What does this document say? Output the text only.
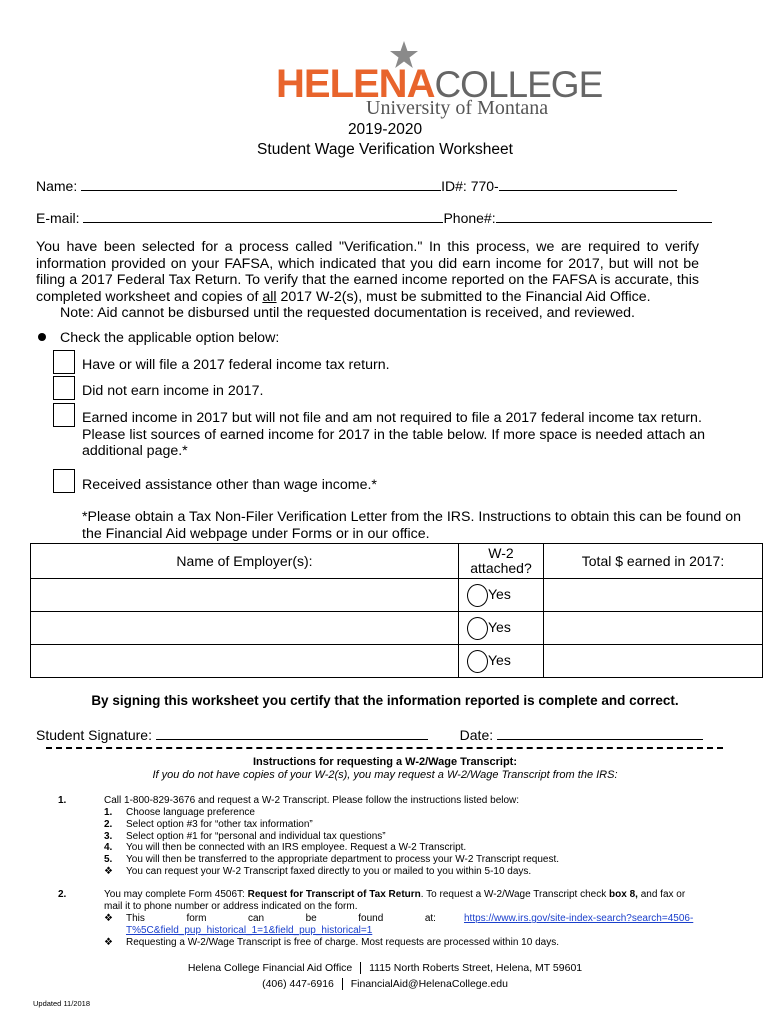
HELENACOLLEGE
University of Montana
2019-2020
Student Wage Verification Worksheet
Name:	ID#: 770-
E-mail:	Phone#:
You have been selected for a process called "Verification." In this process, we are required to verify information provided on your FAFSA, which indicated that you did earn income for 2017, but will not be filing a 2017 Federal Tax Return. To verify that the earned income reported on the FAFSA is accurate, this completed worksheet and copies of all 2017 W-2(s), must be submitted to the Financial Aid Office.
Note: Aid cannot be disbursed until the requested documentation is received, and reviewed.
Check the applicable option below:
Have or will file a 2017 federal income tax return.
Did not earn income in 2017.
Earned income in 2017 but will not file and am not required to file a 2017 federal income tax return. Please list sources of earned income for 2017 in the table below. If more space is needed attach an additional page.*
Received assistance other than wage income.*
*Please obtain a Tax Non-Filer Verification Letter from the IRS. Instructions to obtain this can be found on the Financial Aid webpage under Forms or in our office.
Name of Employer(s):	W-2 attached?	Total $ earned in 2017:
	Yes	
	Yes	
	Yes	
By signing this worksheet you certify that the information reported is complete and correct.
Student Signature:	Date:
Instructions for requesting a W-2/Wage Transcript:
If you do not have copies of your W-2(s), you may request a W-2/Wage Transcript from the IRS:
1.	Call 1-800-829-3676 and request a W-2 Transcript. Please follow the instructions listed below:
1. Choose language preference
2. Select option #3 for “other tax information”
3. Select option #1 for “personal and individual tax questions”
4. You will then be connected with an IRS employee. Request a W-2 Transcript.
5. You will then be transferred to the appropriate department to process your W-2 Transcript request.
❖ You can request your W-2 Transcript faxed directly to you or mailed to you within 5-10 days.
2.	You may complete Form 4506T: Request for Transcript of Tax Return. To request a W-2/Wage Transcript check box 8, and fax or mail it to phone number or address indicated on the form.
❖ This	form	can	be	found	at:	https://www.irs.gov/site-index-search?search=4506-
T%5C&field_pup_historical_1=1&field_pup_historical=1
❖ Requesting a W-2/Wage Transcript is free of charge. Most requests are processed within 10 days.
Helena College Financial Aid Office 1115 North Roberts Street, Helena, MT 59601
(406) 447-6916 FinancialAid@HelenaCollege.edu
Updated 11/2018
